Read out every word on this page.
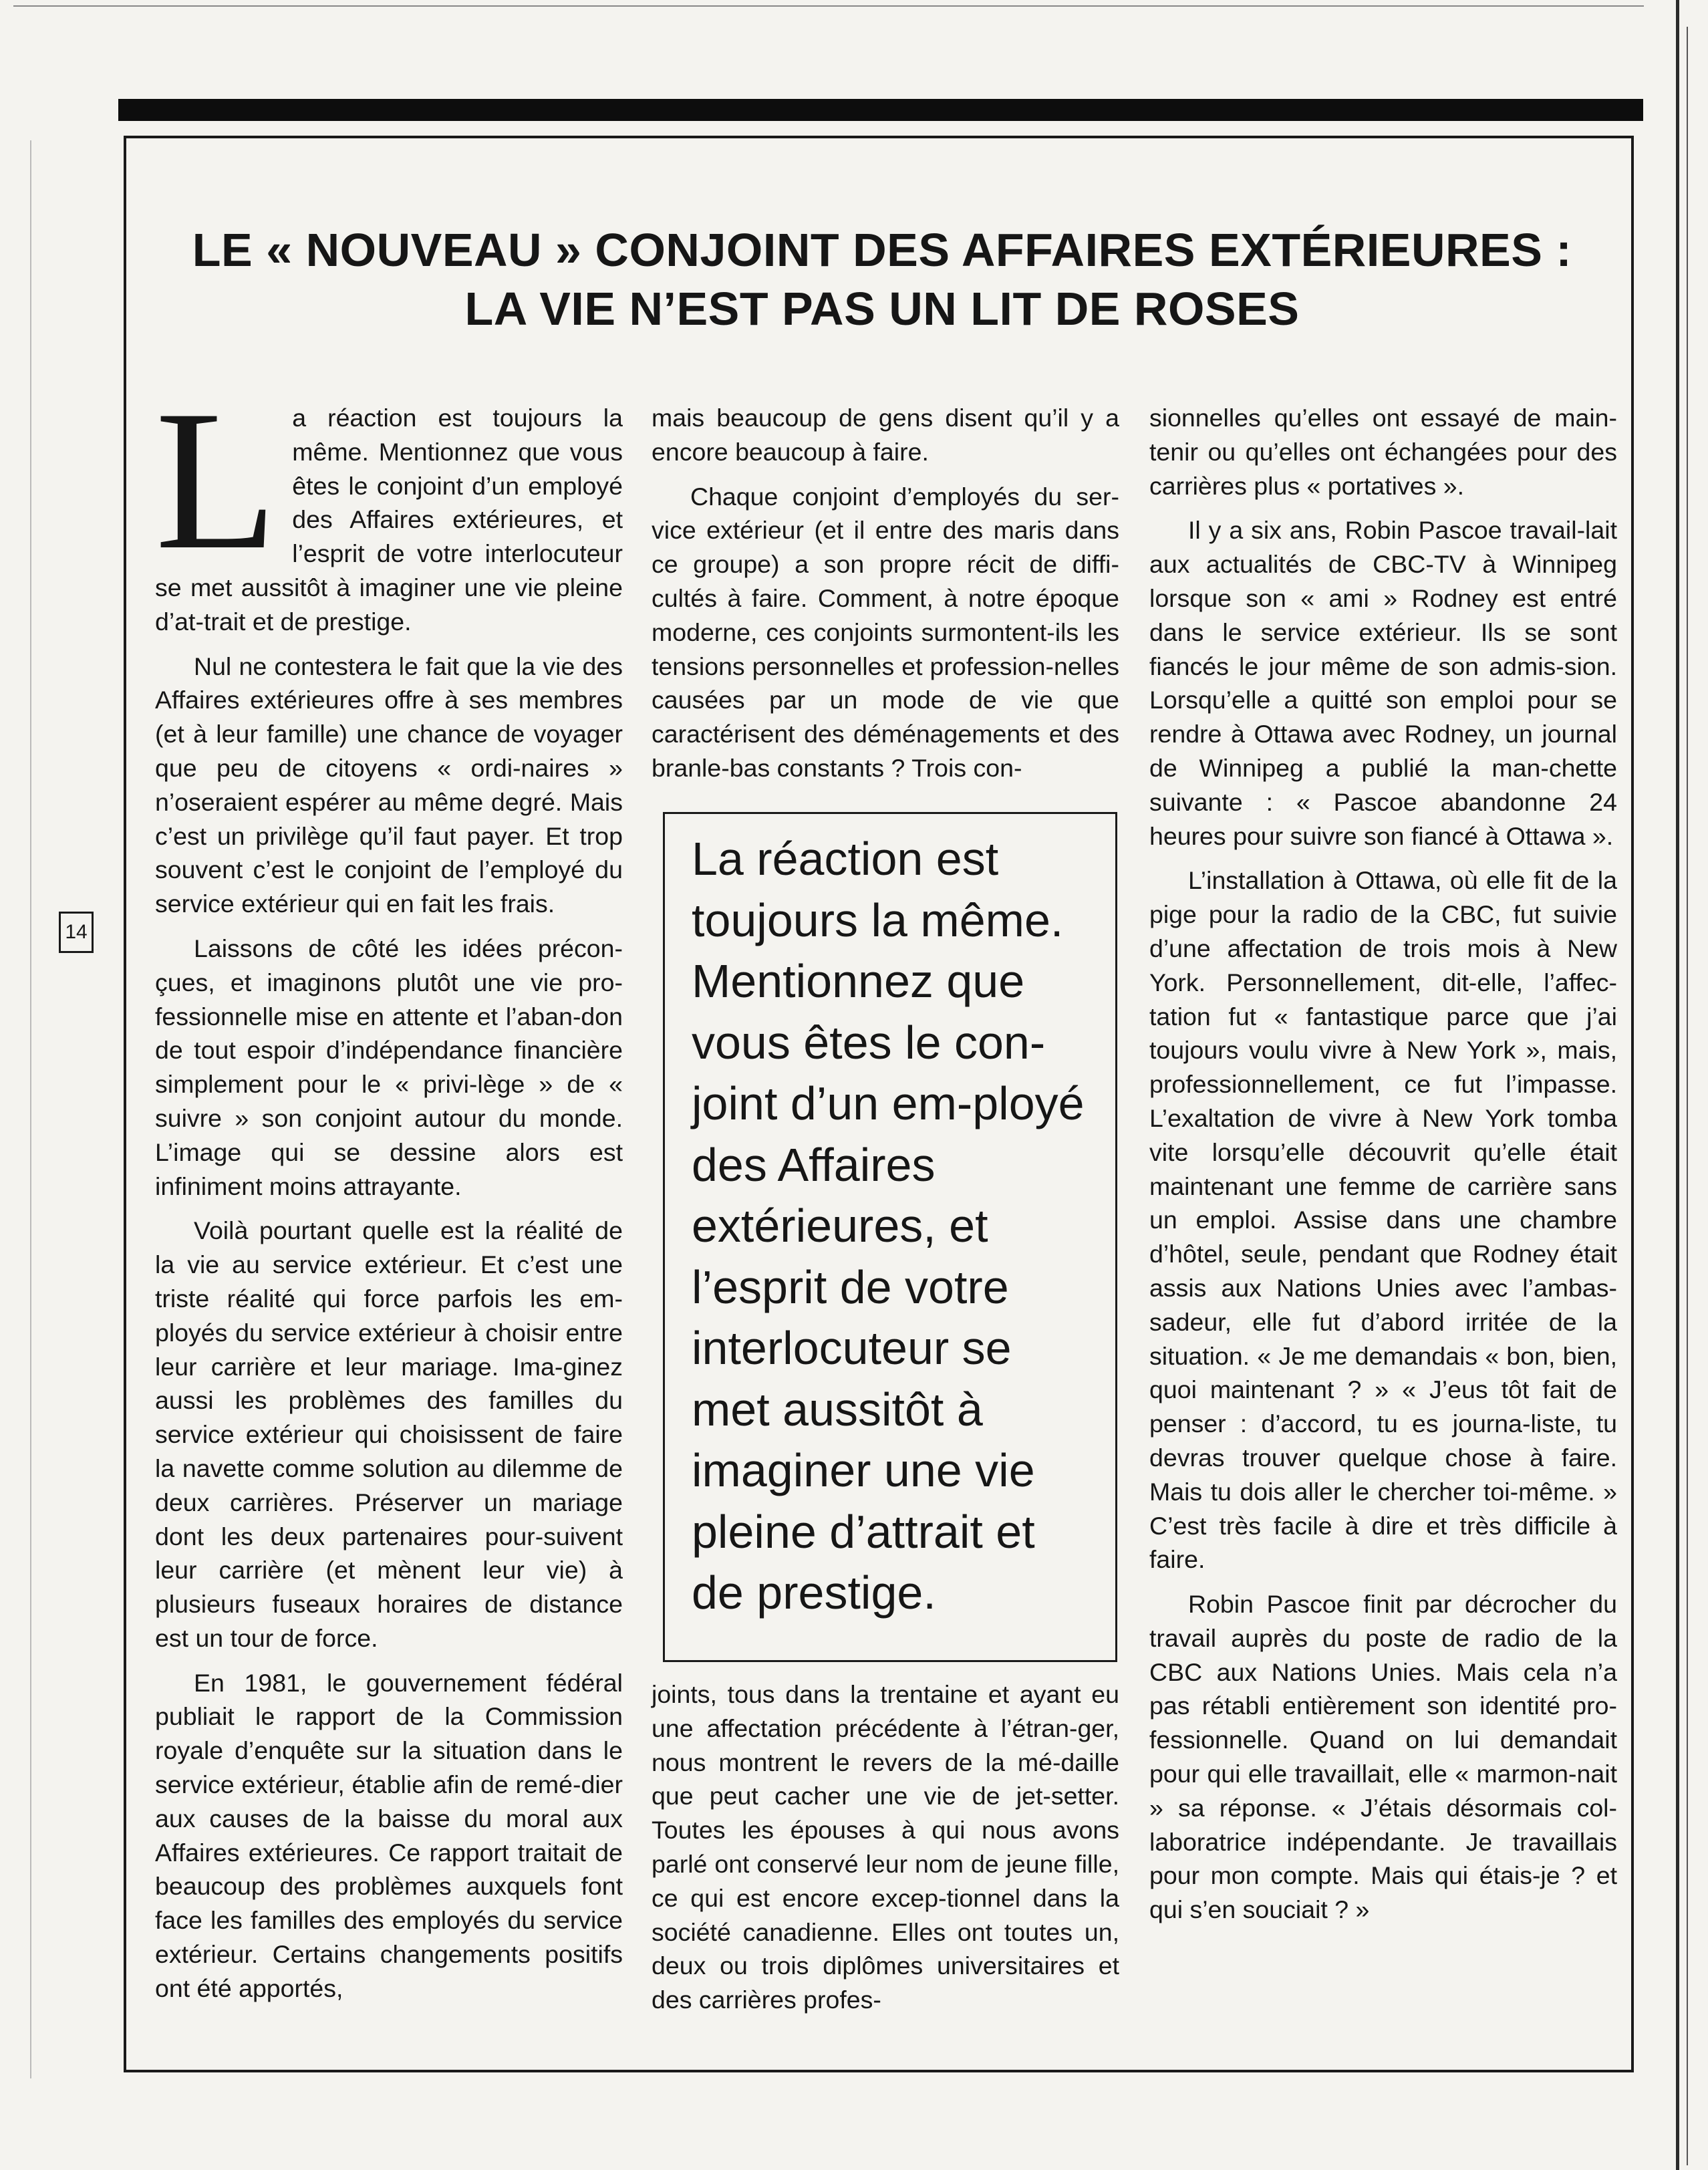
14
LE « NOUVEAU » CONJOINT DES AFFAIRES EXTÉRIEURES :
LA VIE N’EST PAS UN LIT DE ROSES
L a réaction est toujours la même. Mentionnez que vous êtes le conjoint d’un employé des Affaires extérieures, et l’esprit de votre interlocuteur se met aussitôt à imaginer une vie pleine d’at-trait et de prestige.

Nul ne contestera le fait que la vie des Affaires extérieures offre à ses membres (et à leur famille) une chance de voyager que peu de citoyens « ordi-naires » n’oseraient espérer au même degré. Mais c’est un privilège qu’il faut payer. Et trop souvent c’est le conjoint de l’employé du service extérieur qui en fait les frais.

Laissons de côté les idées précon-çues, et imaginons plutôt une vie pro-fessionnelle mise en attente et l’aban-don de tout espoir d’indépendance financière simplement pour le « privi-lège » de « suivre » son conjoint autour du monde. L’image qui se dessine alors est infiniment moins attrayante.

Voilà pourtant quelle est la réalité de la vie au service extérieur. Et c’est une triste réalité qui force parfois les em-ployés du service extérieur à choisir entre leur carrière et leur mariage. Ima-ginez aussi les problèmes des familles du service extérieur qui choisissent de faire la navette comme solution au dilemme de deux carrières. Préserver un mariage dont les deux partenaires pour-suivent leur carrière (et mènent leur vie) à plusieurs fuseaux horaires de distance est un tour de force.

En 1981, le gouvernement fédéral publiait le rapport de la Commission royale d’enquête sur la situation dans le service extérieur, établie afin de remé-dier aux causes de la baisse du moral aux Affaires extérieures. Ce rapport traitait de beaucoup des problèmes auxquels font face les familles des employés du service extérieur. Certains changements positifs ont été apportés,

mais beaucoup de gens disent qu’il y a encore beaucoup à faire.

Chaque conjoint d’employés du ser-vice extérieur (et il entre des maris dans ce groupe) a son propre récit de diffi-cultés à faire. Comment, à notre époque moderne, ces conjoints surmontent-ils les tensions personnelles et profession-nelles causées par un mode de vie que caractérisent des déménagements et des branle-bas constants ? Trois con-

La réaction est toujours la même. Mentionnez que vous êtes le con-joint d’un em-ployé des Affaires extérieures, et l’esprit de votre interlocuteur se met aussitôt à imaginer une vie pleine d’attrait et de prestige.

joints, tous dans la trentaine et ayant eu une affectation précédente à l’étran-ger, nous montrent le revers de la mé-daille que peut cacher une vie de jet-setter. Toutes les épouses à qui nous avons parlé ont conservé leur nom de jeune fille, ce qui est encore excep-tionnel dans la société canadienne. Elles ont toutes un, deux ou trois diplômes universitaires et des carrières profes-

sionnelles qu’elles ont essayé de main-tenir ou qu’elles ont échangées pour des carrières plus « portatives ».

Il y a six ans, Robin Pascoe travail-lait aux actualités de CBC-TV à Winnipeg lorsque son « ami » Rodney est entré dans le service extérieur. Ils se sont fiancés le jour même de son admis-sion. Lorsqu’elle a quitté son emploi pour se rendre à Ottawa avec Rodney, un journal de Winnipeg a publié la man-chette suivante : « Pascoe abandonne 24 heures pour suivre son fiancé à Ottawa ».

L’installation à Ottawa, où elle fit de la pige pour la radio de la CBC, fut suivie d’une affectation de trois mois à New York. Personnellement, dit-elle, l’affec-tation fut « fantastique parce que j’ai toujours voulu vivre à New York », mais, professionnellement, ce fut l’impasse. L’exaltation de vivre à New York tomba vite lorsqu’elle découvrit qu’elle était maintenant une femme de carrière sans un emploi. Assise dans une chambre d’hôtel, seule, pendant que Rodney était assis aux Nations Unies avec l’ambas-sadeur, elle fut d’abord irritée de la situation. « Je me demandais « bon, bien, quoi maintenant ? » « J’eus tôt fait de penser : d’accord, tu es journa-liste, tu devras trouver quelque chose à faire. Mais tu dois aller le chercher toi-même. » C’est très facile à dire et très difficile à faire.

Robin Pascoe finit par décrocher du travail auprès du poste de radio de la CBC aux Nations Unies. Mais cela n’a pas rétabli entièrement son identité pro-fessionnelle. Quand on lui demandait pour qui elle travaillait, elle « marmon-nait » sa réponse. « J’étais désormais col-laboratrice indépendante. Je travaillais pour mon compte. Mais qui étais-je ? et qui s’en souciait ? »
